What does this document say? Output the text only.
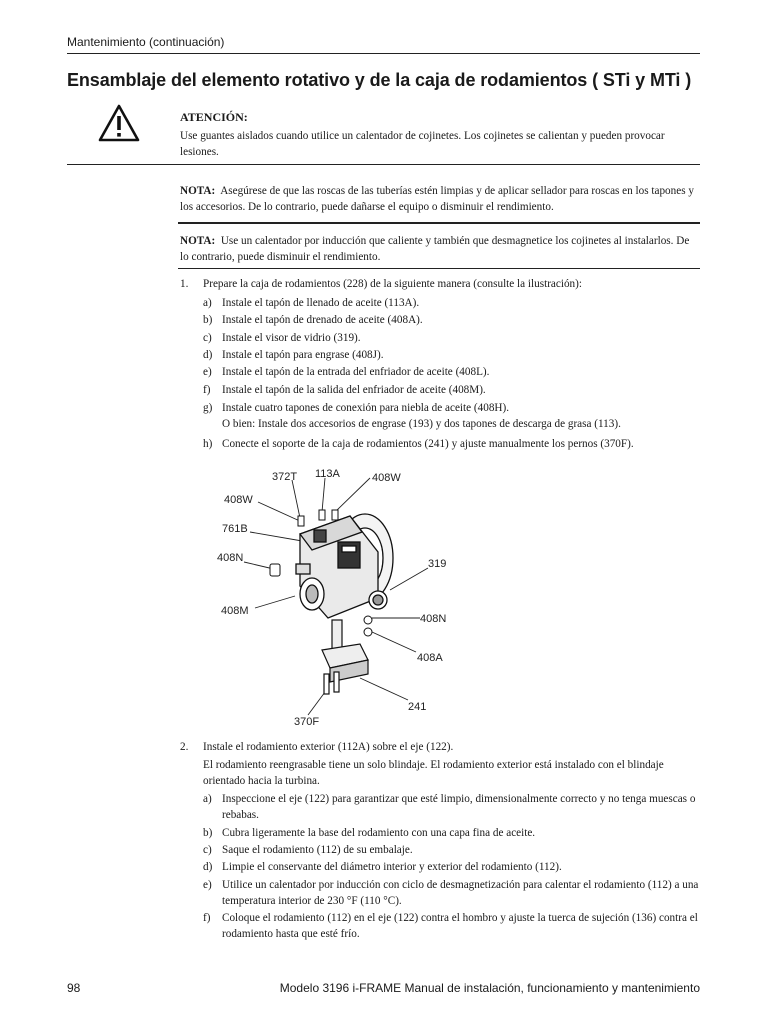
Mantenimiento (continuación)
Ensamblaje del elemento rotativo y de la caja de rodamientos ( STi y MTi )
ATENCIÓN:
Use guantes aislados cuando utilice un calentador de cojinetes. Los cojinetes se calientan y pueden provocar lesiones.
NOTA: Asegúrese de que las roscas de las tuberías estén limpias y de aplicar sellador para roscas en los tapones y los accesorios. De lo contrario, puede dañarse el equipo o disminuir el rendimiento.
NOTA: Use un calentador por inducción que caliente y también que desmagnetice los cojinetes al instalarlos. De lo contrario, puede disminuir el rendimiento.
1. Prepare la caja de rodamientos (228) de la siguiente manera (consulte la ilustración):
a) Instale el tapón de llenado de aceite (113A).
b) Instale el tapón de drenado de aceite (408A).
c) Instale el visor de vidrio (319).
d) Instale el tapón para engrase (408J).
e) Instale el tapón de la entrada del enfriador de aceite (408L).
f) Instale el tapón de la salida del enfriador de aceite (408M).
g) Instale cuatro tapones de conexión para niebla de aceite (408H).
O bien: Instale dos accesorios de engrase (193) y dos tapones de descarga de grasa (113).
h) Conecte el soporte de la caja de rodamientos (241) y ajuste manualmente los pernos (370F).
372T 113A	408W
408W
761B
408N	319
408M
408N
408A
241
370F
2. Instale el rodamiento exterior (112A) sobre el eje (122).
El rodamiento reengrasable tiene un solo blindaje. El rodamiento exterior está instalado con el blindaje orientado hacia la turbina.
a) Inspeccione el eje (122) para garantizar que esté limpio, dimensionalmente correcto y no tenga muescas o rebabas.
b) Cubra ligeramente la base del rodamiento con una capa fina de aceite.
c) Saque el rodamiento (112) de su embalaje.
d) Limpie el conservante del diámetro interior y exterior del rodamiento (112).
e) Utilice un calentador por inducción con ciclo de desmagnetización para calentar el rodamiento (112) a una temperatura interior de 230 °F (110 °C).
f) Coloque el rodamiento (112) en el eje (122) contra el hombro y ajuste la tuerca de sujeción (136) contra el rodamiento hasta que esté frío.
98	Modelo 3196 i-FRAME Manual de instalación, funcionamiento y mantenimiento
